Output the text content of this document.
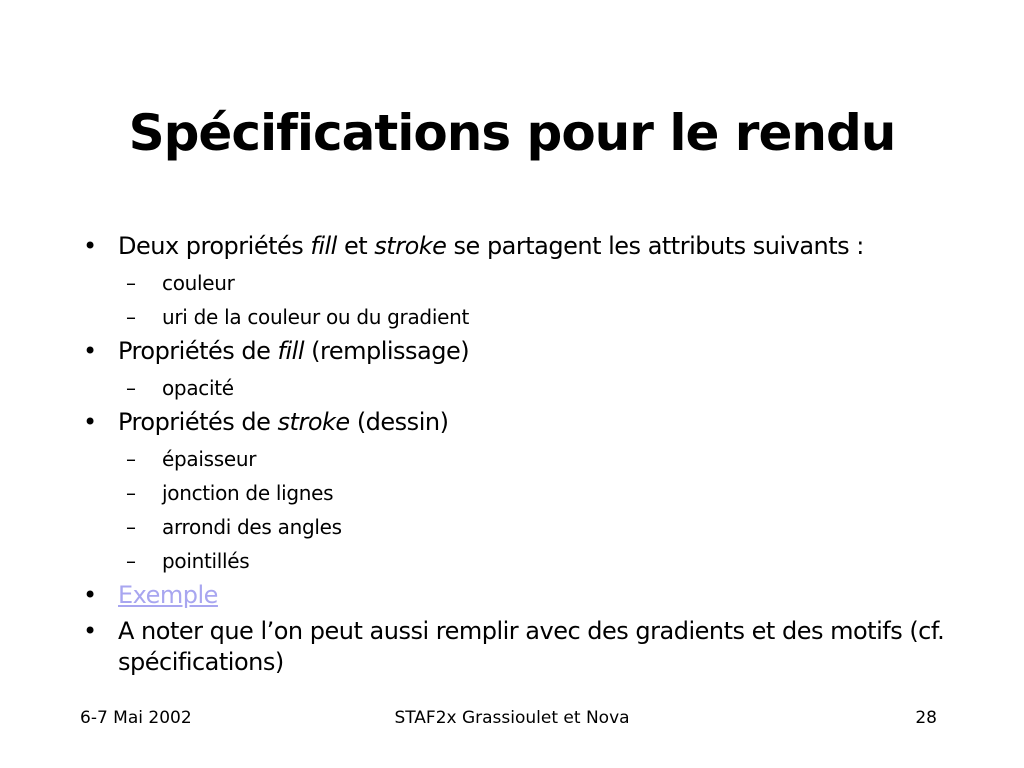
Spécifications pour le rendu
• Deux propriétés fill et stroke se partagent les attributs suivants :
– couleur
– uri de la couleur ou du gradient
• Propriétés de fill (remplissage)
– opacité
• Propriétés de stroke (dessin)
– épaisseur
– jonction de lignes
– arrondi des angles
– pointillés
• Exemple
• A noter que l’on peut aussi remplir avec des gradients et des motifs (cf. spécifications)
6-7 Mai 2002	STAF2x Grassioulet et Nova	28
